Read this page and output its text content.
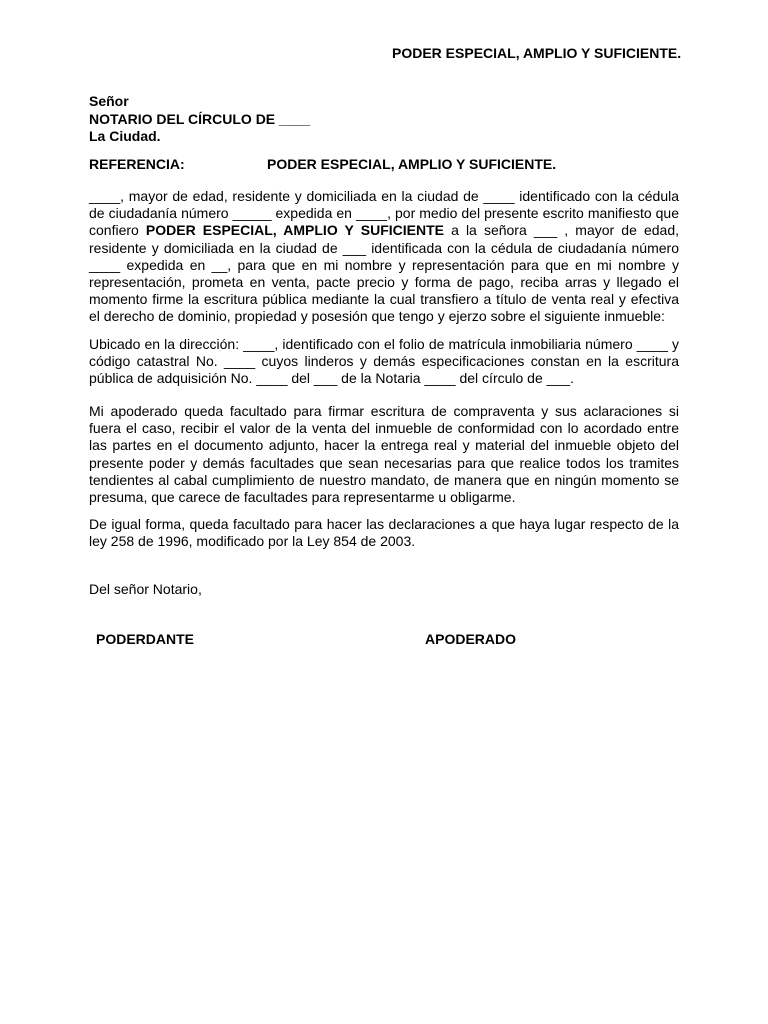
PODER ESPECIAL, AMPLIO Y SUFICIENTE.
Señor
NOTARIO DEL CÍRCULO DE ____
La Ciudad.
REFERENCIA:	PODER ESPECIAL, AMPLIO Y SUFICIENTE.
____, mayor de edad, residente y domiciliada en la ciudad de ____ identificado con la cédula de ciudadanía número _____ expedida en ____, por medio del presente escrito manifiesto que confiero PODER ESPECIAL, AMPLIO Y SUFICIENTE a la señora ___ , mayor de edad, residente y domiciliada en la ciudad de ___ identificada con la cédula de ciudadanía número ____ expedida en __, para que en mi nombre y representación para que en mi nombre y representación, prometa en venta, pacte precio y forma de pago, reciba arras y llegado el momento firme la escritura pública mediante la cual transfiero a título de venta real y efectiva el derecho de dominio, propiedad y posesión que tengo y ejerzo sobre el siguiente inmueble:
Ubicado en la dirección: ____, identificado con el folio de matrícula inmobiliaria número ____ y código catastral No. ____ cuyos linderos y demás especificaciones constan en la escritura pública de adquisición No. ____ del ___ de la Notaria ____ del círculo de ___.
Mi apoderado queda facultado para firmar escritura de compraventa y sus aclaraciones si fuera el caso, recibir el valor de la venta del inmueble de conformidad con lo acordado entre las partes en el documento adjunto, hacer la entrega real y material del inmueble objeto del presente poder y demás facultades que sean necesarias para que realice todos los tramites tendientes al cabal cumplimiento de nuestro mandato, de manera que en ningún momento se presuma, que carece de facultades para representarme u obligarme.
De igual forma, queda facultado para hacer las declaraciones a que haya lugar respecto de la ley 258 de 1996, modificado por la Ley 854 de 2003.
Del señor Notario,
PODERDANTE	APODERADO
